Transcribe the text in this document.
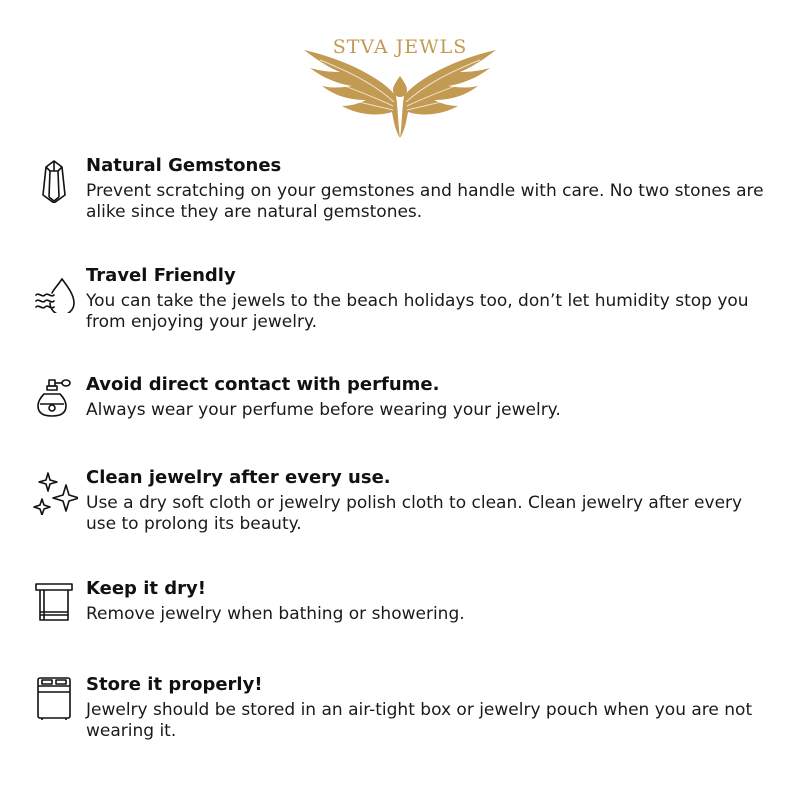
STVA JEWLS
Natural Gemstones
Prevent scratching on your gemstones and handle with care. No two stones are alike since they are natural gemstones.
Travel Friendly
You can take the jewels to the beach holidays too, don’t let humidity stop you from enjoying your jewelry.
Avoid direct contact with perfume.
Always wear your perfume before wearing your jewelry.
Clean jewelry after every use.
Use a dry soft cloth or jewelry polish cloth to clean. Clean jewelry after every use to prolong its beauty.
Keep it dry!
Remove jewelry when bathing or showering.
Store it properly!
Jewelry should be stored in an air-tight box or jewelry pouch when you are not wearing it.
